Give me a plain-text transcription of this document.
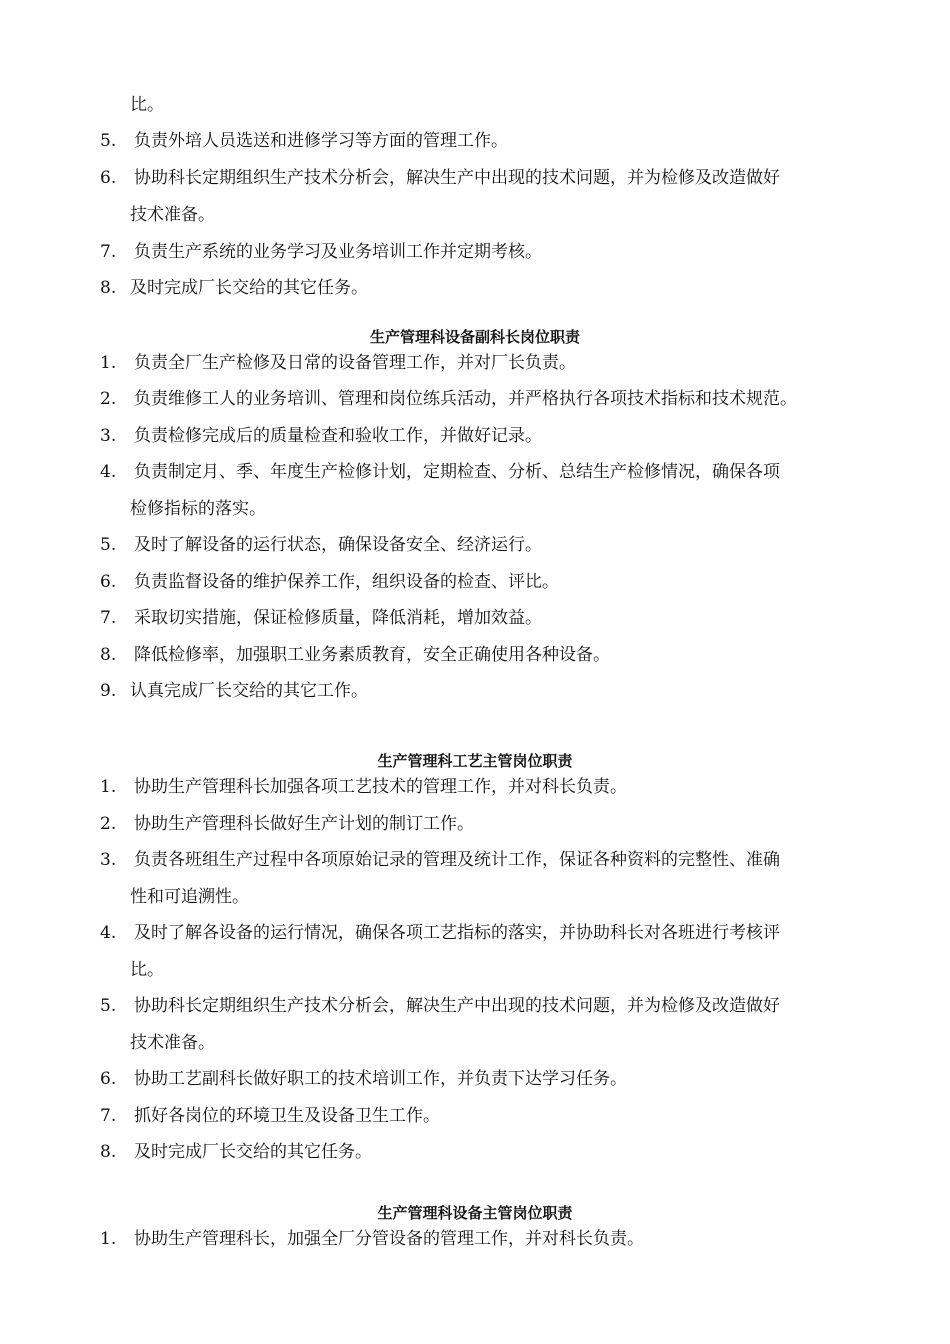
比。
5. 负责外培人员选送和进修学习等方面的管理工作。
6. 协助科长定期组织生产技术分析会，解决生产中出现的技术问题，并为检修及改造做好
技术准备。
7. 负责生产系统的业务学习及业务培训工作并定期考核。
8. 及时完成厂长交给的其它任务。
生产管理科设备副科长岗位职责
1. 负责全厂生产检修及日常的设备管理工作，并对厂长负责。
2. 负责维修工人的业务培训、管理和岗位练兵活动，并严格执行各项技术指标和技术规范。
3. 负责检修完成后的质量检查和验收工作，并做好记录。
4. 负责制定月、季、年度生产检修计划，定期检查、分析、总结生产检修情况，确保各项
检修指标的落实。
5. 及时了解设备的运行状态，确保设备安全、经济运行。
6. 负责监督设备的维护保养工作，组织设备的检查、评比。
7. 采取切实措施，保证检修质量，降低消耗，增加效益。
8. 降低检修率，加强职工业务素质教育，安全正确使用各种设备。
9. 认真完成厂长交给的其它工作。
生产管理科工艺主管岗位职责
1. 协助生产管理科长加强各项工艺技术的管理工作，并对科长负责。
2. 协助生产管理科长做好生产计划的制订工作。
3. 负责各班组生产过程中各项原始记录的管理及统计工作，保证各种资料的完整性、准确
性和可追溯性。
4. 及时了解各设备的运行情况，确保各项工艺指标的落实，并协助科长对各班进行考核评
比。
5. 协助科长定期组织生产技术分析会，解决生产中出现的技术问题，并为检修及改造做好
技术准备。
6. 协助工艺副科长做好职工的技术培训工作，并负责下达学习任务。
7. 抓好各岗位的环境卫生及设备卫生工作。
8. 及时完成厂长交给的其它任务。
生产管理科设备主管岗位职责
1. 协助生产管理科长，加强全厂分管设备的管理工作，并对科长负责。
